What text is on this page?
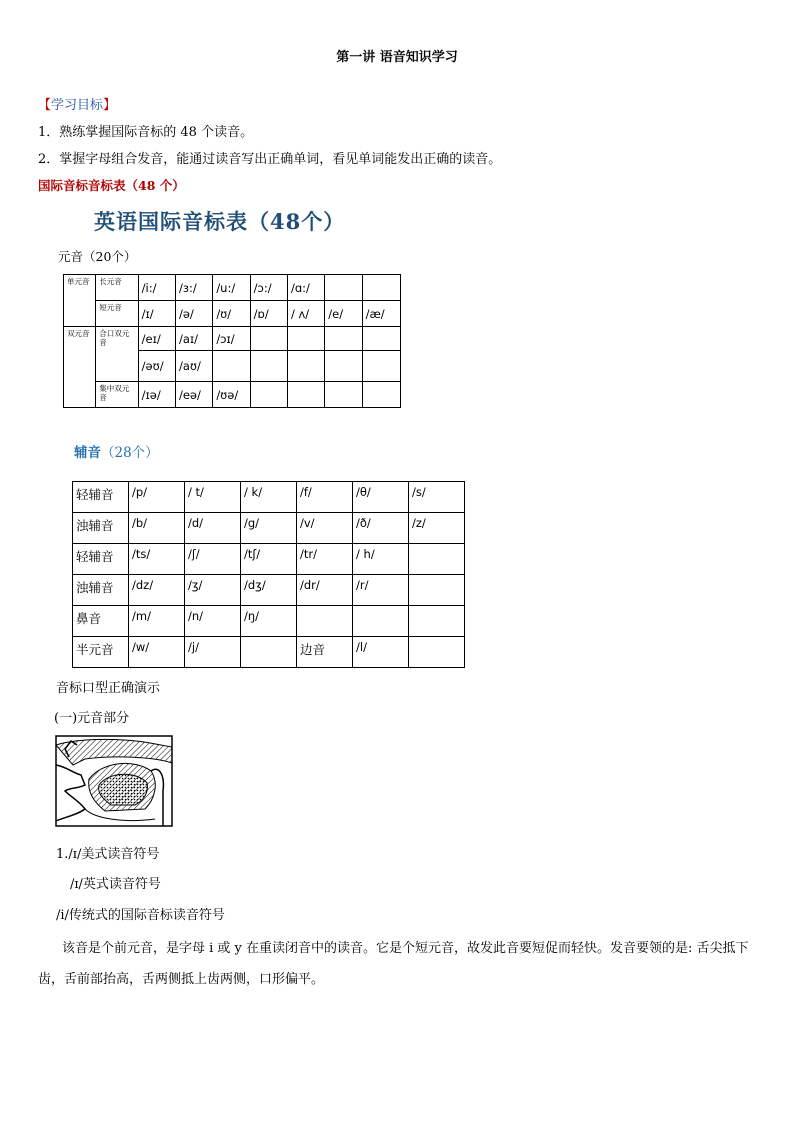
第一讲 语音知识学习
【学习目标】
1．熟练掌握国际音标的 48 个读音。
2．掌握字母组合发音，能通过读音写出正确单词，看见单词能发出正确的读音。
国际音标音标表（48 个）
英语国际音标表（48个）
元音（20个）
单元音	长元音	/i:/	/ɜ:/	/u:/	/ɔ:/	/ɑ:/		
	短元音	/ɪ/	/ə/	/ʊ/	/ɒ/	/ ʌ/	/e/	/æ/
双元音	合口双元音	/eɪ/	/aɪ/	/ɔɪ/				
		/əʊ/	/aʊ/					
	集中双元音	/ɪə/	/eə/	/ʊə/				
辅音（28个）
轻辅音	/p/	/ t/	/ k/	/f/	/θ/	/s/
浊辅音	/b/	/d/	/g/	/v/	/ð/	/z/
轻辅音	/ts/	/ʃ/	/tʃ/	/tr/	/ h/	
浊辅音	/dz/	/ʒ/	/dʒ/	/dr/	/r/	
鼻音	/m/	/n/	/ŋ/			
半元音	/w/	/j/		边音	/l/	
音标口型正确演示
(一)元音部分
1./ɪ/美式读音符号
/ɪ/英式读音符号
/i/传统式的国际音标读音符号
该音是个前元音，是字母 i 或 y 在重读闭音中的读音。它是个短元音，故发此音要短促而轻快。发音要领的是: 舌尖抵下齿，舌前部抬高，舌两侧抵上齿两侧，口形偏平。
